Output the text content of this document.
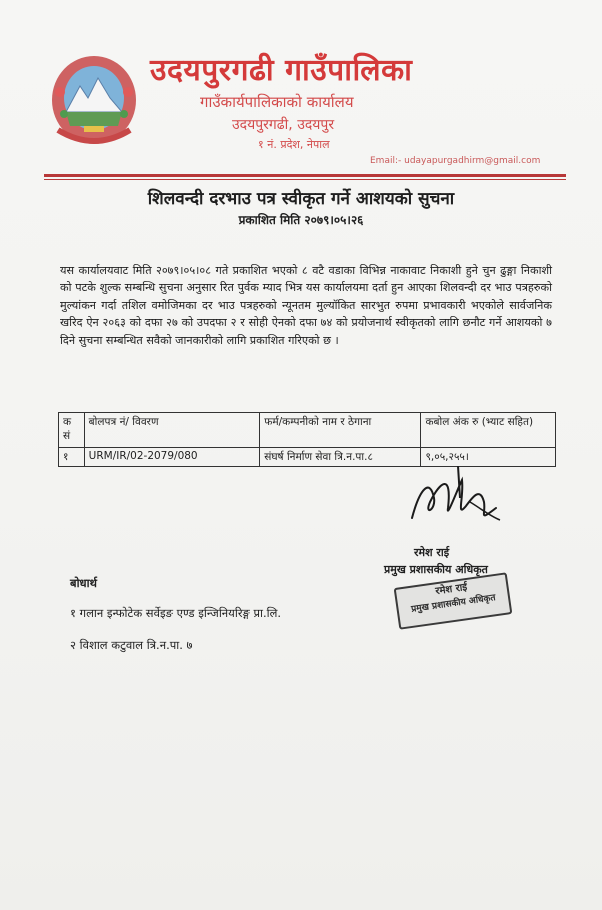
उदयपुरगढी गाउँपालिका
गाउँकार्यपालिकाको कार्यालय
उदयपुरगढी, उदयपुर
१ नं. प्रदेश, नेपाल
Email:- udayapurgadhirm@gmail.com
शिलवन्दी दरभाउ पत्र स्वीकृत गर्ने आशयको सुचना
प्रकाशित मिति २०७९।०५।२६
यस कार्यालयवाट मिति २०७९।०५।०८ गते प्रकाशित भएको ८ वटै वडाका विभिन्न नाकावाट निकाशी हुने चुन ढुङ्गा निकाशी को पटके शुल्क सम्बन्धि सुचना अनुसार रित पुर्वक म्याद भित्र यस कार्यालयमा दर्ता हुन आएका शिलवन्दी दर भाउ पत्रहरुको मुल्यांकन गर्दा तशिल वमोजिमका दर भाउ पत्रहरुको न्यूनतम मुल्यॉकित सारभुत रुपमा प्रभावकारी भएकोले सार्वजनिक खरिद ऐन २०६३ को दफा २७ को उपदफा २ र सोही ऐनको दफा ७४ को प्रयोजनार्थ स्वीकृतको लागि छनौट गर्ने आशयको ७ दिने सुचना सम्बन्धित सवैको जानकारीको लागि प्रकाशित गरिएको छ ।
क सं	बोलपत्र नं/ विवरण	फर्म/कम्पनीको नाम र ठेगाना	कबोल अंक रु (भ्याट सहित)
१	URM/IR/02-2079/080	संघर्ष निर्माण सेवा त्रि.न.पा.८	९,०५,२५५।
रमेश राई
प्रमुख प्रशासकीय अधिकृत
रमेश राई
प्रमुख प्रशासकीय अधिकृत
बोधार्थ
१ गलान इन्फोटेक सर्वेइङ एण्ड इन्जिनियरिङ्ग प्रा.लि.
२ विशाल कटुवाल त्रि.न.पा. ७
